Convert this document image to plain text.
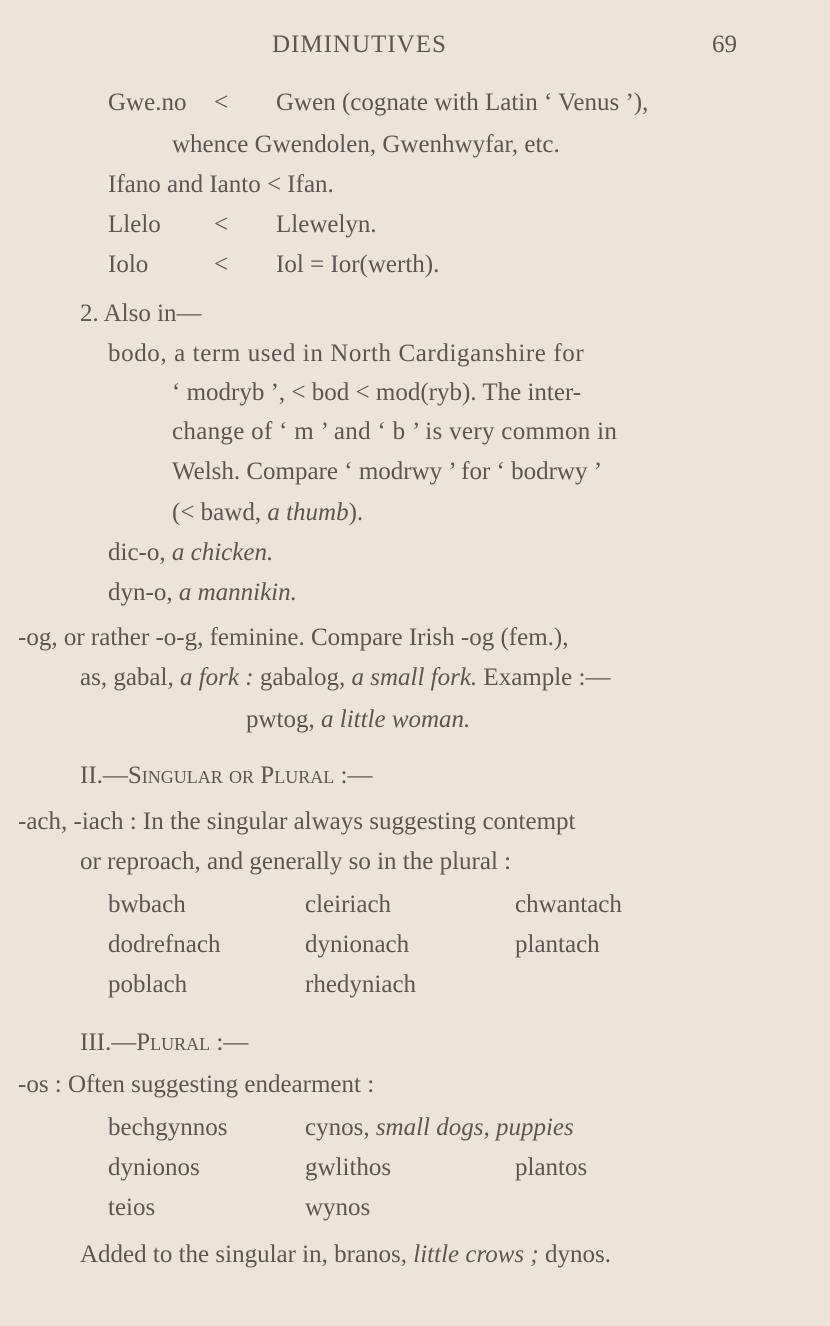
DIMINUTIVES	69
Gwe.no < Gwen (cognate with Latin ‘ Venus ’),
whence Gwendolen, Gwenhwyfar, etc.
Ifano and Ianto < Ifan.
Llelo < Llewelyn.
Iolo	< Iol = Ior(werth).
2. Also in—
bodo, a term used in North Cardiganshire for
‘ modryb ’, < bod < mod(ryb). The inter-
change of ‘ m ’ and ‘ b ’ is very common in
Welsh. Compare ‘ modrwy ’ for ‘ bodrwy ’
(< bawd, a thumb).
dic-o, a chicken.
dyn-o, a mannikin.
-og, or rather -o-g, feminine. Compare Irish -og (fem.),
as, gabal, a fork : gabalog, a small fork. Example :—
pwtog, a little woman.
II.—Singular or Plural :—
-ach, -iach : In the singular always suggesting contempt
or reproach, and generally so in the plural :
bwbach	cleiriach	chwantach
dodrefnach	dynionach	plantach
poblach	rhedyniach
III.—Plural :—
-os : Often suggesting endearment :
bechgynnos	cynos, small dogs, puppies
dynionos	gwlithos	plantos
teios	wynos
Added to the singular in, branos, little crows ; dynos.
